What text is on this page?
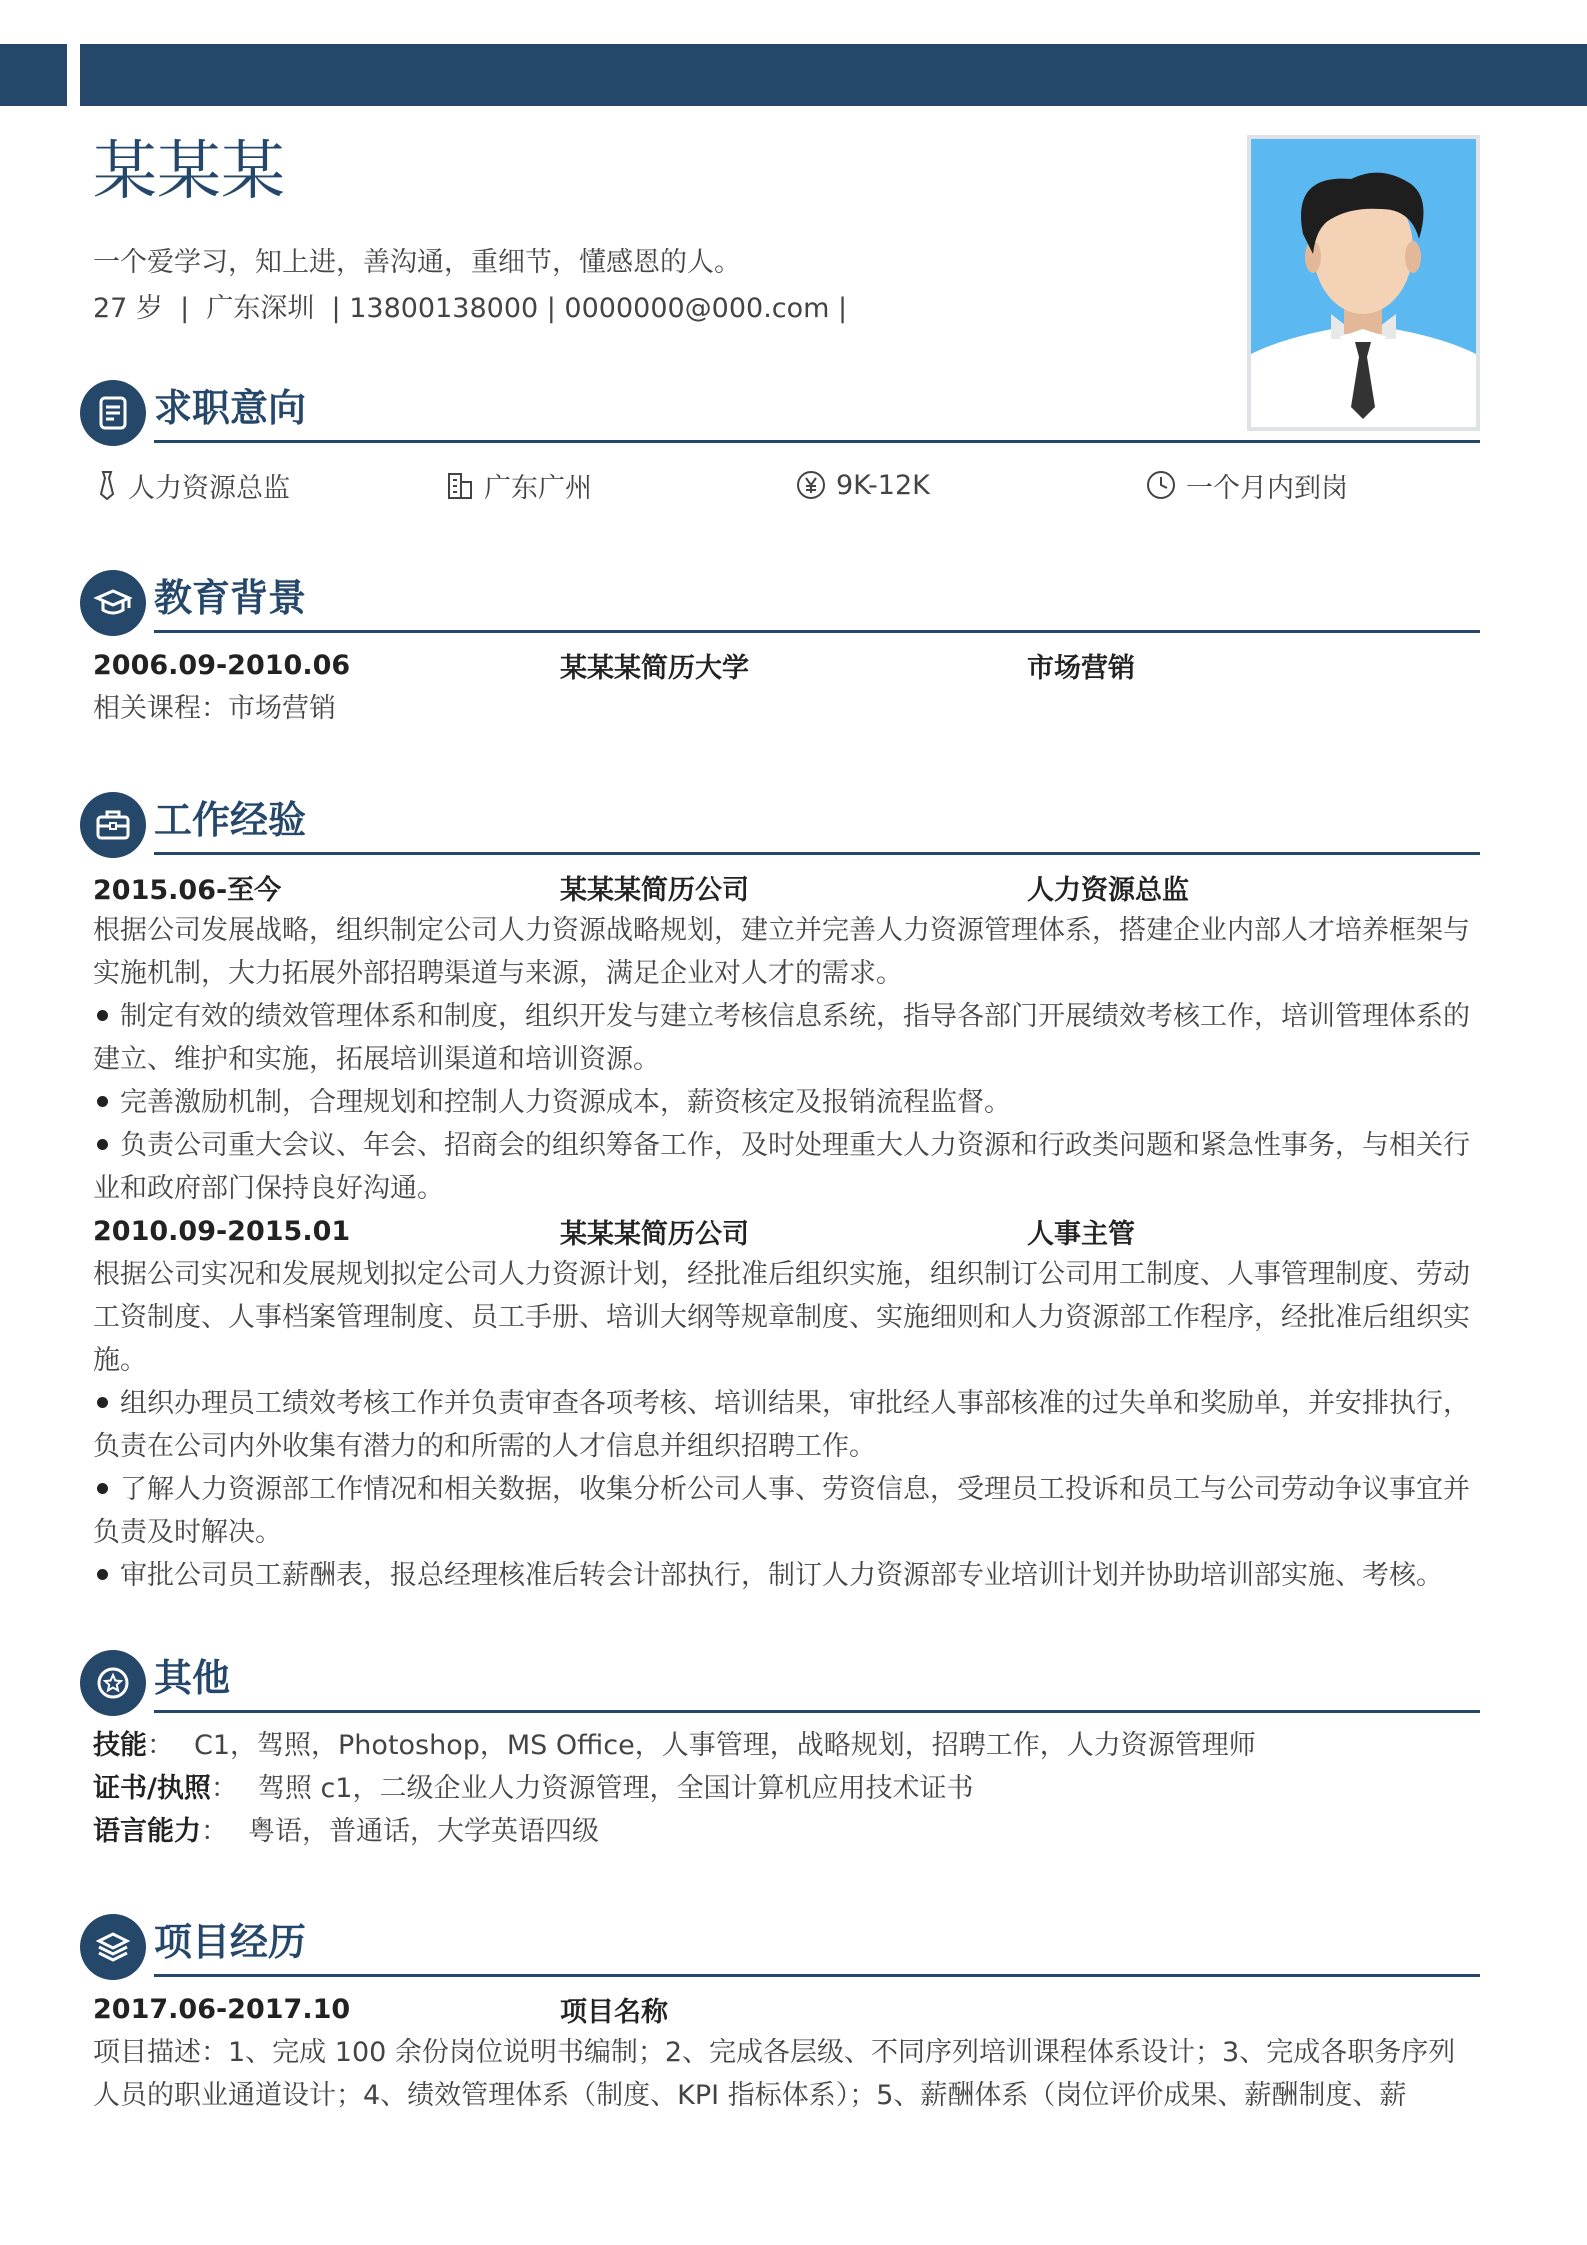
某某某
一个爱学习，知上进，善沟通，重细节，懂感恩的人。
27 岁  |  广东深圳  | 13800138000 | 0000000@000.com |
求职意向
人力资源总监	广东广州	9K-12K	一个月内到岗
教育背景
2006.09-2010.06	某某某简历大学	市场营销

相关课程：市场营销

工作经验
2015.06-至今	某某某简历公司	人力资源总监

根据公司发展战略，组织制定公司人力资源战略规划，建立并完善人力资源管理体系，搭建企业内部人才培养框架与实施机制，大力拓展外部招聘渠道与来源，满足企业对人才的需求。

制定有效的绩效管理体系和制度，组织开发与建立考核信息系统，指导各部门开展绩效考核工作，培训管理体系的建立、维护和实施，拓展培训渠道和培训资源。

完善激励机制，合理规划和控制人力资源成本，薪资核定及报销流程监督。

负责公司重大会议、年会、招商会的组织筹备工作，及时处理重大人力资源和行政类问题和紧急性事务，与相关行业和政府部门保持良好沟通。

2010.09-2015.01	某某某简历公司	人事主管

根据公司实况和发展规划拟定公司人力资源计划，经批准后组织实施，组织制订公司用工制度、人事管理制度、劳动工资制度、人事档案管理制度、员工手册、培训大纲等规章制度、实施细则和人力资源部工作程序，经批准后组织实施。

组织办理员工绩效考核工作并负责审查各项考核、培训结果，审批经人事部核准的过失单和奖励单，并安排执行，负责在公司内外收集有潜力的和所需的人才信息并组织招聘工作。

了解人力资源部工作情况和相关数据，收集分析公司人事、劳资信息，受理员工投诉和员工与公司劳动争议事宜并负责及时解决。

审批公司员工薪酬表，报总经理核准后转会计部执行，制订人力资源部专业培训计划并协助培训部实施、考核。

其他
技能： C1，驾照，Photoshop，MS Office，人事管理，战略规划，招聘工作，人力资源管理师
证书/执照： 驾照 c1，二级企业人力资源管理，全国计算机应用技术证书
语言能力： 粤语，普通话，大学英语四级
项目经历
2017.06-2017.10	项目名称

项目描述：1、完成 100 余份岗位说明书编制；2、完成各层级、不同序列培训课程体系设计；3、完成各职务序列人员的职业通道设计；4、绩效管理体系（制度、KPI 指标体系）；5、薪酬体系（岗位评价成果、薪酬制度、薪
